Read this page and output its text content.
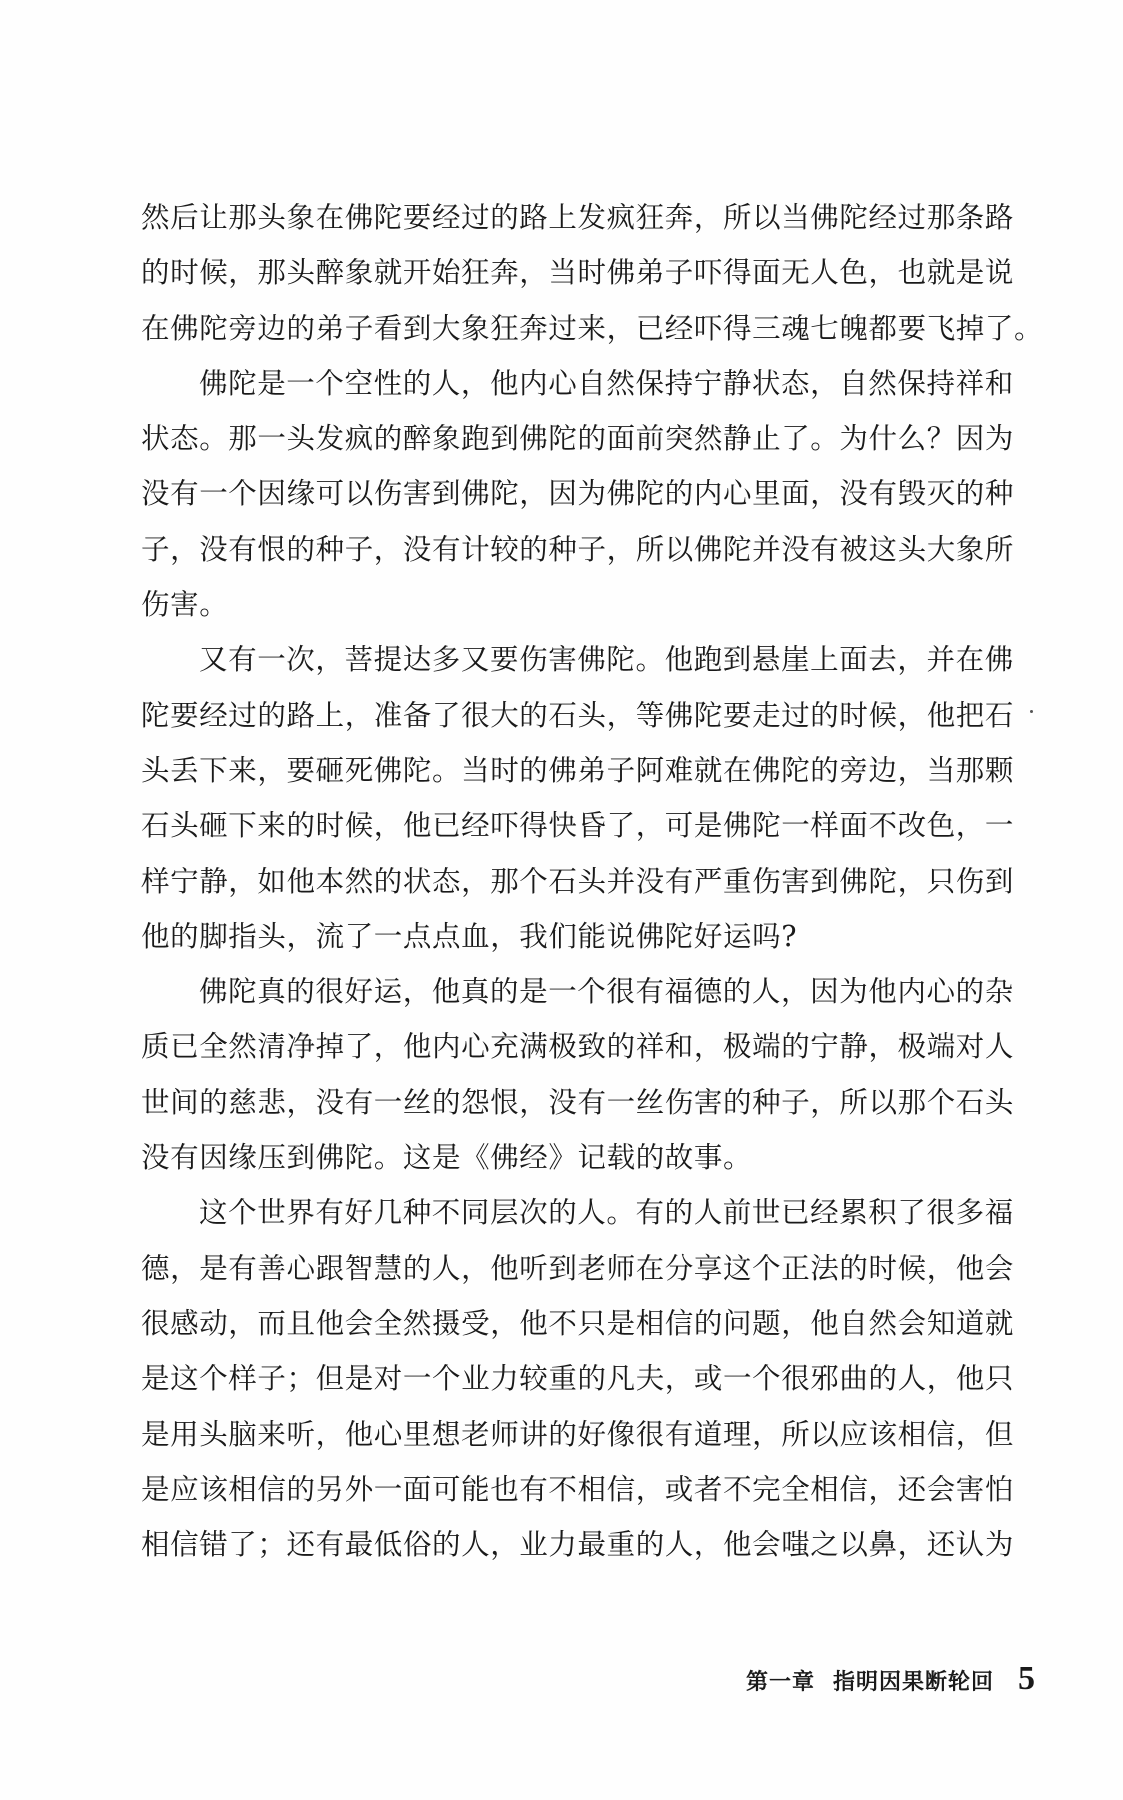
然后让那头象在佛陀要经过的路上发疯狂奔，所以当佛陀经过那条路
的时候，那头醉象就开始狂奔，当时佛弟子吓得面无人色，也就是说
在佛陀旁边的弟子看到大象狂奔过来，已经吓得三魂七魄都要飞掉了。
佛陀是一个空性的人，他内心自然保持宁静状态，自然保持祥和
状态。那一头发疯的醉象跑到佛陀的面前突然静止了。为什么？因为
没有一个因缘可以伤害到佛陀，因为佛陀的内心里面，没有毁灭的种
子，没有恨的种子，没有计较的种子，所以佛陀并没有被这头大象所
伤害。
又有一次，菩提达多又要伤害佛陀。他跑到悬崖上面去，并在佛
陀要经过的路上，准备了很大的石头，等佛陀要走过的时候，他把石
头丢下来，要砸死佛陀。当时的佛弟子阿难就在佛陀的旁边，当那颗
石头砸下来的时候，他已经吓得快昏了，可是佛陀一样面不改色，一
样宁静，如他本然的状态，那个石头并没有严重伤害到佛陀，只伤到
他的脚指头，流了一点点血，我们能说佛陀好运吗?
佛陀真的很好运，他真的是一个很有福德的人，因为他内心的杂
质已全然清净掉了，他内心充满极致的祥和，极端的宁静，极端对人
世间的慈悲，没有一丝的怨恨，没有一丝伤害的种子，所以那个石头
没有因缘压到佛陀。这是《佛经》记载的故事。
这个世界有好几种不同层次的人。有的人前世已经累积了很多福
德，是有善心跟智慧的人，他听到老师在分享这个正法的时候，他会
很感动，而且他会全然摄受，他不只是相信的问题，他自然会知道就
是这个样子；但是对一个业力较重的凡夫，或一个很邪曲的人，他只
是用头脑来听，他心里想老师讲的好像很有道理，所以应该相信，但
是应该相信的另外一面可能也有不相信，或者不完全相信，还会害怕
相信错了；还有最低俗的人，业力最重的人，他会嗤之以鼻，还认为
第一章 指明因果断轮回 5
